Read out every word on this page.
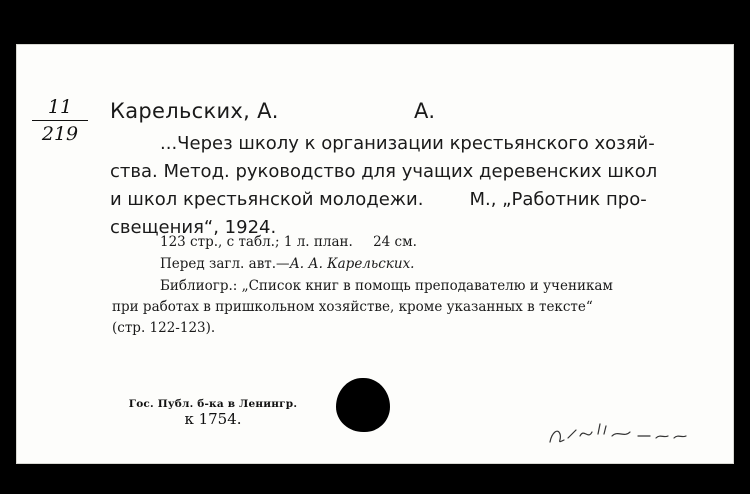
11
219
Карельских, А.	А.
...Через школу к организации крестьянского хозяй-
ства. Метод. руководство для учащих деревенских школ
и школ крестьянской молодежи.	М., „Работник про-
свещения“, 1924.
123 стр., с табл.; 1 л. план. 24 см.
Перед загл. авт.—А. А. Карельских.
Библиогр.: „Список книг в помощь преподавателю и ученикам
при работах в пришкольном хозяйстве, кроме указанных в тексте“
(стр. 122-123).
Гос. Публ. б-ка в Ленингр.
к 1754.
